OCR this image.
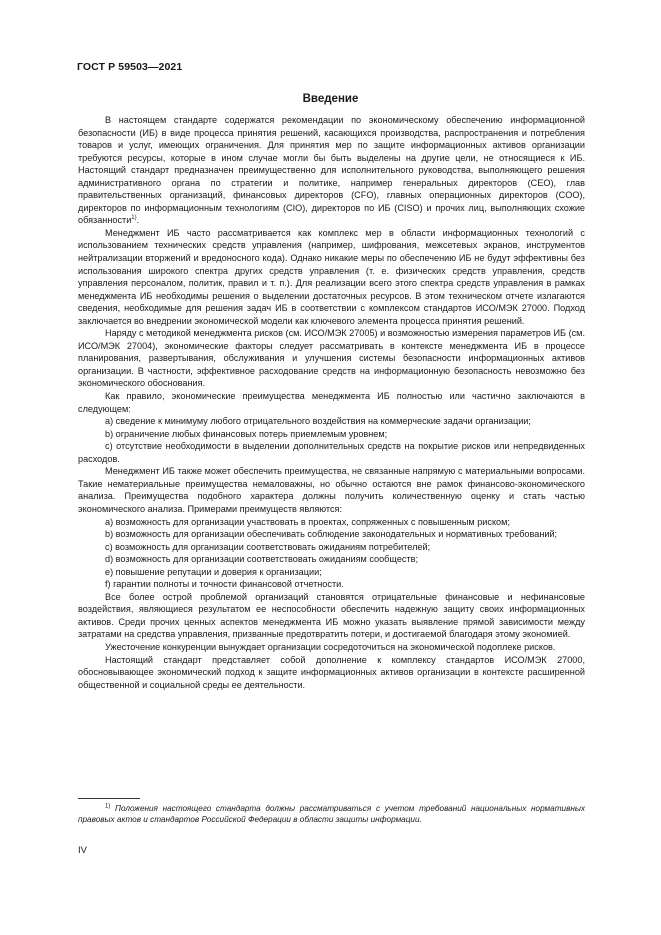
ГОСТ Р 59503—2021
Введение

В настоящем стандарте содержатся рекомендации по экономическому обеспечению информационной безопасности (ИБ) в виде процесса принятия решений, касающихся производства, распространения и потребления товаров и услуг, имеющих ограничения. Для принятия мер по защите информационных активов организации требуются ресурсы, которые в ином случае могли бы быть выделены на другие цели, не относящиеся к ИБ. Настоящий стандарт предназначен преимущественно для исполнительного руководства, выполняющего решения административного органа по стратегии и политике, например генеральных директоров (CEO), глав правительственных организаций, финансовых директоров (CFO), главных операционных директоров (COO), директоров по информационным технологиям (CIO), директоров по ИБ (CISO) и прочих лиц, выполняющих схожие обязанности$^{1)}$.

Менеджмент ИБ часто рассматривается как комплекс мер в области информационных технологий с использованием технических средств управления (например, шифрования, межсетевых экранов, инструментов нейтрализации вторжений и вредоносного кода). Однако никакие меры по обеспечению ИБ не будут эффективны без использования широкого спектра других средств управления (т. е. физических средств управления, средств управления персоналом, политик, правил и т. п.). Для реализации всего этого спектра средств управления в рамках менеджмента ИБ необходимы решения о выделении достаточных ресурсов. В этом техническом отчете излагаются сведения, необходимые для решения задач ИБ в соответствии с комплексом стандартов ИСО/МЭК 27000. Подход заключается во внедрении экономической модели как ключевого элемента процесса принятия решений.

Наряду с методикой менеджмента рисков (см. ИСО/МЭК 27005) и возможностью измерения параметров ИБ (см. ИСО/МЭК 27004), экономические факторы следует рассматривать в контексте менеджмента ИБ в процессе планирования, развертывания, обслуживания и улучшения системы безопасности информационных активов организации. В частности, эффективное расходование средств на информационную безопасность невозможно без экономического обоснования.

Как правило, экономические преимущества менеджмента ИБ полностью или частично заключаются в следующем:

a) сведение к минимуму любого отрицательного воздействия на коммерческие задачи организации;

b) ограничение любых финансовых потерь приемлемым уровнем;

c) отсутствие необходимости в выделении дополнительных средств на покрытие рисков или непредвиденных расходов.

Менеджмент ИБ также может обеспечить преимущества, не связанные напрямую с материальными вопросами. Такие нематериальные преимущества немаловажны, но обычно остаются вне рамок финансово-экономического анализа. Преимущества подобного характера должны получить количественную оценку и стать частью экономического анализа. Примерами преимуществ являются:

a) возможность для организации участвовать в проектах, сопряженных с повышенным риском;

b) возможность для организации обеспечивать соблюдение законодательных и нормативных требований;

c) возможность для организации соответствовать ожиданиям потребителей;

d) возможность для организации соответствовать ожиданиям сообществ;

e) повышение репутации и доверия к организации;

f) гарантии полноты и точности финансовой отчетности.

Все более острой проблемой организаций становятся отрицательные финансовые и нефинансовые воздействия, являющиеся результатом ее неспособности обеспечить надежную защиту своих информационных активов. Среди прочих ценных аспектов менеджмента ИБ можно указать выявление прямой зависимости между затратами на средства управления, призванные предотвратить потери, и достигаемой благодаря этому экономией.

Ужесточение конкуренции вынуждает организации сосредоточиться на экономической подоплеке рисков.

Настоящий стандарт представляет собой дополнение к комплексу стандартов ИСО/МЭК 27000, обосновывающее экономический подход к защите информационных активов организации в контексте расширенной общественной и социальной среды ее деятельности.

$^{1)}$ Положения настоящего стандарта должны рассматриваться с учетом требований национальных нормативных правовых актов и стандартов Российской Федерации в области защиты информации.

IV
